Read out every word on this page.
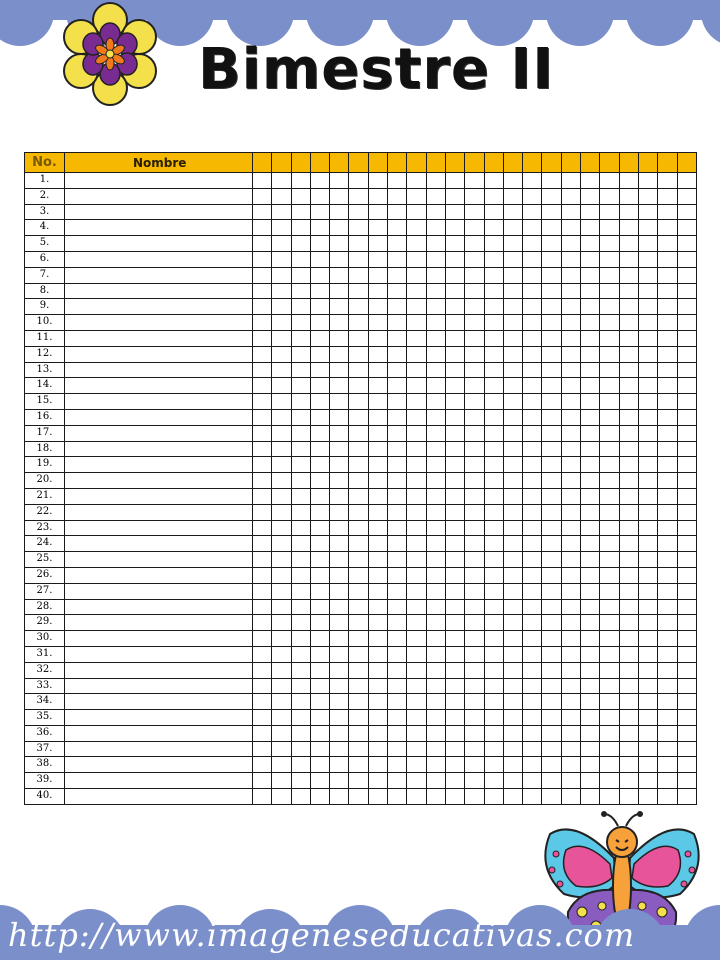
Bimestre II
No.	Nombre																							
1.																								
2.																								
3.																								
4.																								
5.																								
6.																								
7.																								
8.																								
9.																								
10.																								
11.																								
12.																								
13.																								
14.																								
15.																								
16.																								
17.																								
18.																								
19.																								
20.																								
21.																								
22.																								
23.																								
24.																								
25.																								
26.																								
27.																								
28.																								
29.																								
30.																								
31.																								
32.																								
33.																								
34.																								
35.																								
36.																								
37.																								
38.																								
39.																								
40.																								
http://www.imageneseducativas.com
